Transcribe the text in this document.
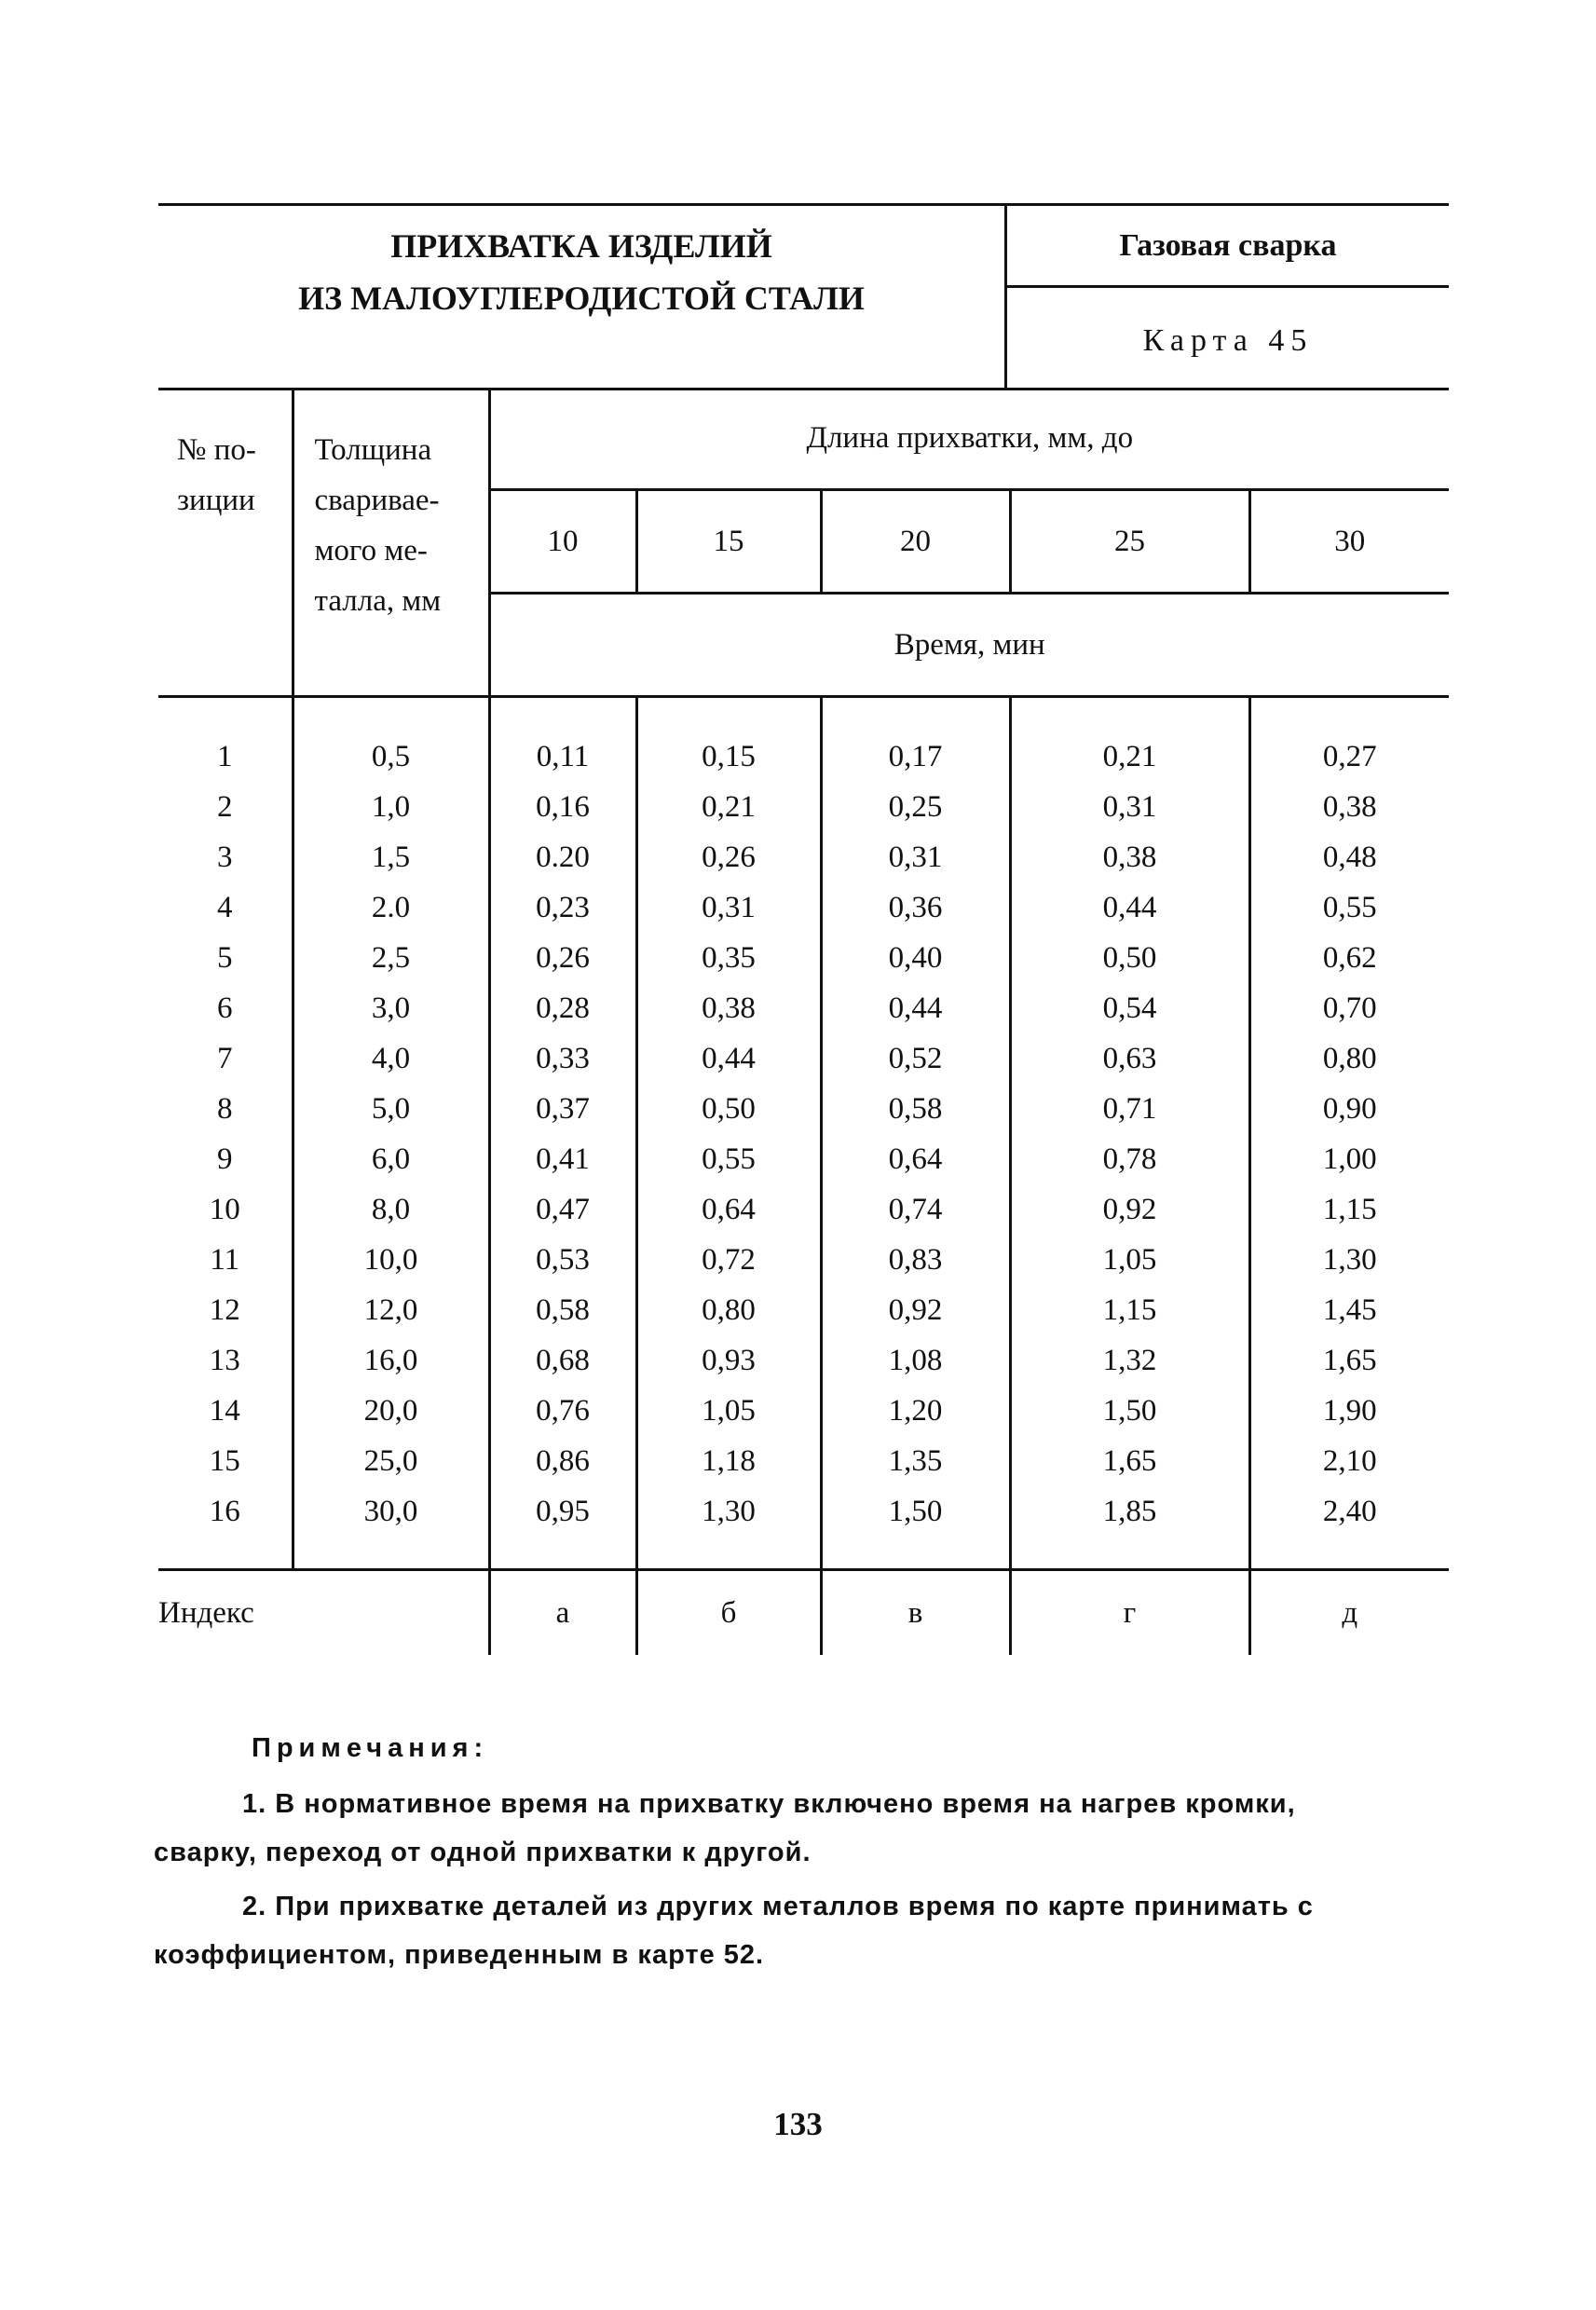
ПРИХВАТКА ИЗДЕЛИЙ
ИЗ МАЛОУГЛЕРОДИСТОЙ СТАЛИ
Газовая сварка
Карта 45
№ по-
зиции	Толщина
сваривае-
мого ме-
талла, мм	Длина прихватки, мм, до				
		10	15	20	25	30
		Время, мин				
1	0,5	0,11	0,15	0,17	0,21	0,27
2	1,0	0,16	0,21	0,25	0,31	0,38
3	1,5	0.20	0,26	0,31	0,38	0,48
4	2.0	0,23	0,31	0,36	0,44	0,55
5	2,5	0,26	0,35	0,40	0,50	0,62
6	3,0	0,28	0,38	0,44	0,54	0,70
7	4,0	0,33	0,44	0,52	0,63	0,80
8	5,0	0,37	0,50	0,58	0,71	0,90
9	6,0	0,41	0,55	0,64	0,78	1,00
10	8,0	0,47	0,64	0,74	0,92	1,15
11	10,0	0,53	0,72	0,83	1,05	1,30
12	12,0	0,58	0,80	0,92	1,15	1,45
13	16,0	0,68	0,93	1,08	1,32	1,65
14	20,0	0,76	1,05	1,20	1,50	1,90
15	25,0	0,86	1,18	1,35	1,65	2,10
16	30,0	0,95	1,30	1,50	1,85	2,40
Индекс		а	б	в	г	д
Примечания:
1. В нормативное время на прихватку включено время на нагрев кромки,
сварку, переход от одной прихватки к другой.
2. При прихватке деталей из других металлов время по карте принимать с
коэффициентом, приведенным в карте 52.
133
